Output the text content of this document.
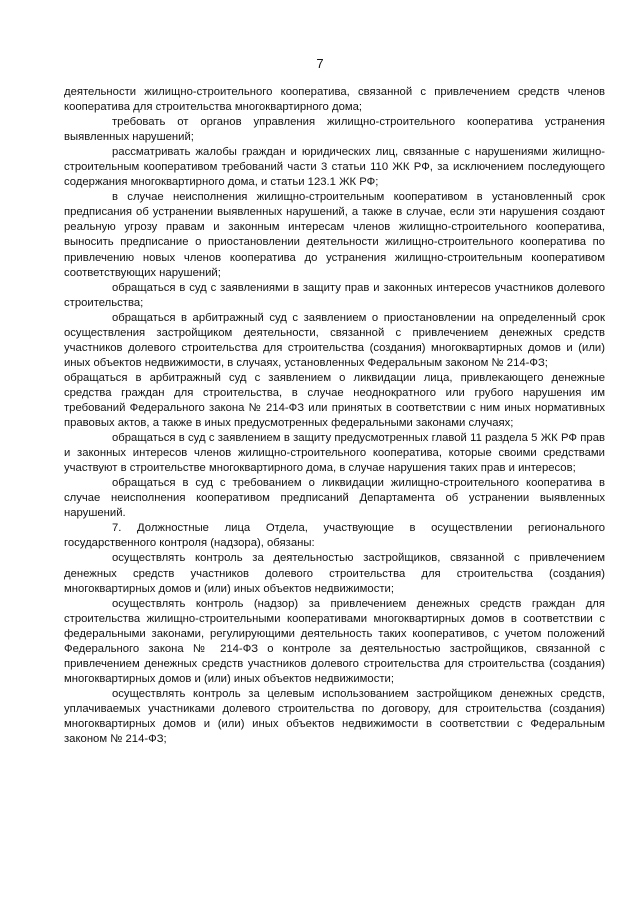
7

деятельности жилищно-строительного кооператива, связанной с привлечением средств членов кооператива для строительства многоквартирного дома;

требовать от органов управления жилищно-строительного кооператива устранения выявленных нарушений;

рассматривать жалобы граждан и юридических лиц, связанные с нарушениями жилищно-строительным кооперативом требований части 3 статьи 110 ЖК РФ, за исключением последующего содержания многоквартирного дома, и статьи 123.1 ЖК РФ;

в случае неисполнения жилищно-строительным кооперативом в установленный срок предписания об устранении выявленных нарушений, а также в случае, если эти нарушения создают реальную угрозу правам и законным интересам членов жилищно-строительного кооператива, выносить предписание о приостановлении деятельности жилищно-строительного кооператива по привлечению новых членов кооператива до устранения жилищно-строительным кооперативом соответствующих нарушений;

обращаться в суд с заявлениями в защиту прав и законных интересов участников долевого строительства;

обращаться в арбитражный суд с заявлением о приостановлении на определенный срок осуществления застройщиком деятельности, связанной с привлечением денежных средств участников долевого строительства для строительства (создания) многоквартирных домов и (или) иных объектов недвижимости, в случаях, установленных Федеральным законом № 214-ФЗ;

обращаться в арбитражный суд с заявлением о ликвидации лица, привлекающего денежные средства граждан для строительства, в случае неоднократного или грубого нарушения им требований Федерального закона № 214-ФЗ или принятых в соответствии с ним иных нормативных правовых актов, а также в иных предусмотренных федеральными законами случаях;

обращаться в суд с заявлением в защиту предусмотренных главой 11 раздела 5 ЖК РФ прав и законных интересов членов жилищно-строительного кооператива, которые своими средствами участвуют в строительстве многоквартирного дома, в случае нарушения таких прав и интересов;

обращаться в суд с требованием о ликвидации жилищно-строительного кооператива в случае неисполнения кооперативом предписаний Департамента об устранении выявленных нарушений.

7. Должностные лица Отдела, участвующие в осуществлении регионального государственного контроля (надзора), обязаны:

осуществлять контроль за деятельностью застройщиков, связанной с привлечением денежных средств участников долевого строительства для строительства (создания) многоквартирных домов и (или) иных объектов недвижимости;

осуществлять контроль (надзор) за привлечением денежных средств граждан для строительства жилищно-строительными кооперативами многоквартирных домов в соответствии с федеральными законами, регулирующими деятельность таких кооперативов, с учетом положений Федерального закона № 214-ФЗ о контроле за деятельностью застройщиков, связанной с привлечением денежных средств участников долевого строительства для строительства (создания) многоквартирных домов и (или) иных объектов недвижимости;

осуществлять контроль за целевым использованием застройщиком денежных средств, уплачиваемых участниками долевого строительства по договору, для строительства (создания) многоквартирных домов и (или) иных объектов недвижимости в соответствии с Федеральным законом № 214-ФЗ;
